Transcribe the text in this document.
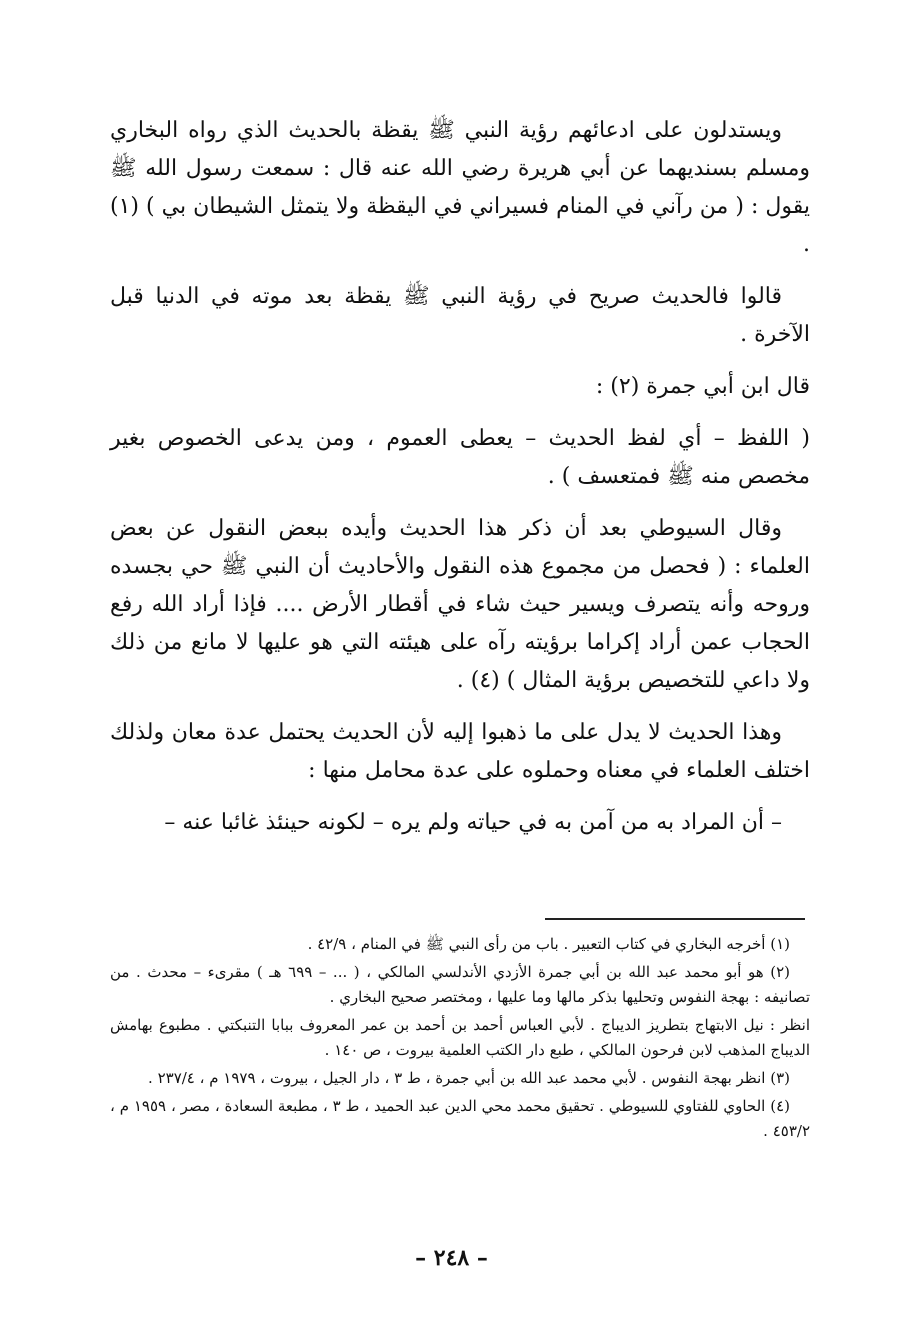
ويستدلون على ادعائهم رؤية النبي ﷺ يقظة بالحديث الذي رواه البخاري ومسلم بسنديهما عن أبي هريرة رضي الله عنه قال : سمعت رسول الله ﷺ يقول : ( من رآني في المنام فسيراني في اليقظة ولا يتمثل الشيطان بي ) (١) .

قالوا فالحديث صريح في رؤية النبي ﷺ يقظة بعد موته في الدنيا قبل الآخرة .

قال ابن أبي جمرة (٢) :

( اللفظ – أي لفظ الحديث – يعطى العموم ، ومن يدعى الخصوص بغير مخصص منه ﷺ فمتعسف ) .

وقال السيوطي بعد أن ذكر هذا الحديث وأيده ببعض النقول عن بعض العلماء : ( فحصل من مجموع هذه النقول والأحاديث أن النبي ﷺ حي بجسده وروحه وأنه يتصرف ويسير حيث شاء في أقطار الأرض .... فإذا أراد الله رفع الحجاب عمن أراد إكراما برؤيته رآه على هيئته التي هو عليها لا مانع من ذلك ولا داعي للتخصيص برؤية المثال ) (٤) .

وهذا الحديث لا يدل على ما ذهبوا إليه لأن الحديث يحتمل عدة معان ولذلك اختلف العلماء في معناه وحملوه على عدة محامل منها :

– أن المراد به من آمن به في حياته ولم يره – لكونه حينئذ غائبا عنه –

(١) أخرجه البخاري في كتاب التعبير . باب من رأى النبي ﷺ في المنام ، ٤٢/٩ .

(٢) هو أبو محمد عبد الله بن أبي جمرة الأزدي الأندلسي المالكي ، ( ... – ٦٩٩ هـ ) مقرىء – محدث . من تصانيفه : بهجة النفوس وتحليها بذكر مالها وما عليها ، ومختصر صحيح البخاري .

انظر : نيل الابتهاج بتطريز الديباج . لأبي العباس أحمد بن أحمد بن عمر المعروف ببابا التنبكتي . مطبوع بهامش الديباج المذهب لابن فرحون المالكي ، طبع دار الكتب العلمية بيروت ، ص ١٤٠ .

(٣) انظر بهجة النفوس . لأبي محمد عبد الله بن أبي جمرة ، ط ٣ ، دار الجيل ، بيروت ، ١٩٧٩ م ، ٢٣٧/٤ .

(٤) الحاوي للفتاوي للسيوطي . تحقيق محمد محي الدين عبد الحميد ، ط ٣ ، مطبعة السعادة ، مصر ، ١٩٥٩ م ، ٤٥٣/٢ .

– ٢٤٨ –
